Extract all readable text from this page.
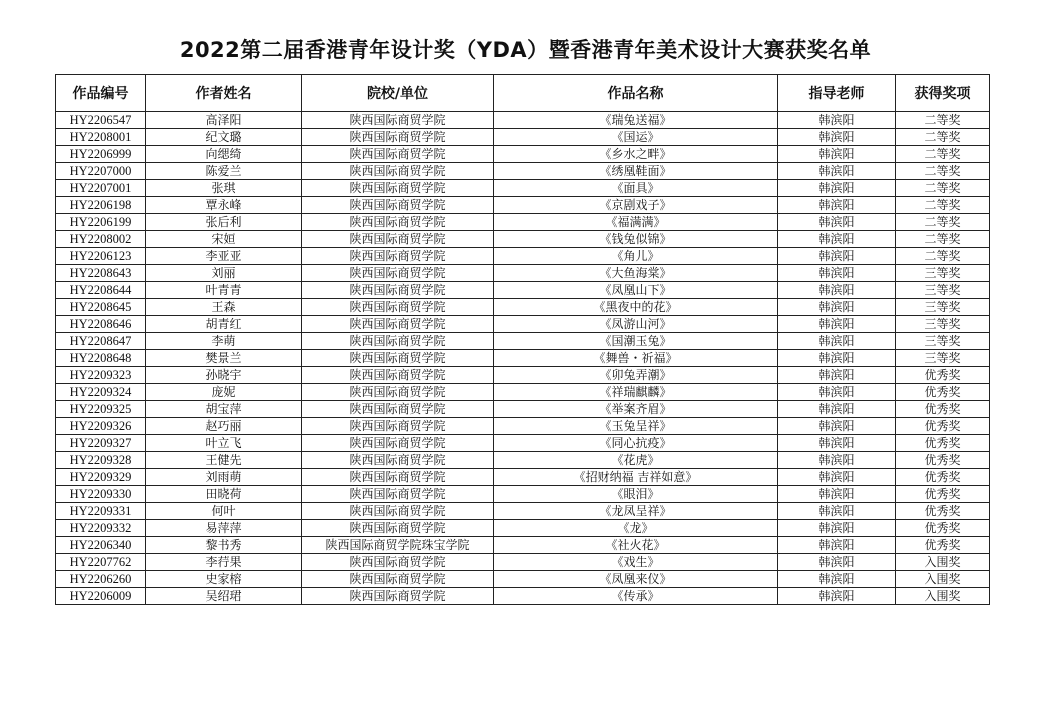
2022第二届香港青年设计奖（YDA）暨香港青年美术设计大赛获奖名单
作品编号	作者姓名	院校/单位	作品名称	指导老师	获得奖项
HY2206547	高泽阳	陕西国际商贸学院	《瑞兔送福》	韩滨阳	二等奖
HY2208001	纪文璐	陕西国际商贸学院	《国运》	韩滨阳	二等奖
HY2206999	向缌绮	陕西国际商贸学院	《乡水之畔》	韩滨阳	二等奖
HY2207000	陈爱兰	陕西国际商贸学院	《绣凰鞋面》	韩滨阳	二等奖
HY2207001	张琪	陕西国际商贸学院	《面具》	韩滨阳	二等奖
HY2206198	覃永峰	陕西国际商贸学院	《京剧戏子》	韩滨阳	二等奖
HY2206199	张后利	陕西国际商贸学院	《福满满》	韩滨阳	二等奖
HY2208002	宋姮	陕西国际商贸学院	《钱兔似锦》	韩滨阳	二等奖
HY2206123	李亚亚	陕西国际商贸学院	《角儿》	韩滨阳	二等奖
HY2208643	刘丽	陕西国际商贸学院	《大鱼海棠》	韩滨阳	三等奖
HY2208644	叶青青	陕西国际商贸学院	《凤凰山下》	韩滨阳	三等奖
HY2208645	王森	陕西国际商贸学院	《黑夜中的花》	韩滨阳	三等奖
HY2208646	胡青红	陕西国际商贸学院	《凤游山河》	韩滨阳	三等奖
HY2208647	李萌	陕西国际商贸学院	《国潮玉兔》	韩滨阳	三等奖
HY2208648	樊景兰	陕西国际商贸学院	《舞兽・祈福》	韩滨阳	三等奖
HY2209323	孙晓宇	陕西国际商贸学院	《卯兔弄潮》	韩滨阳	优秀奖
HY2209324	庞妮	陕西国际商贸学院	《祥瑞麒麟》	韩滨阳	优秀奖
HY2209325	胡宝萍	陕西国际商贸学院	《举案齐眉》	韩滨阳	优秀奖
HY2209326	赵巧丽	陕西国际商贸学院	《玉兔呈祥》	韩滨阳	优秀奖
HY2209327	叶立飞	陕西国际商贸学院	《同心抗疫》	韩滨阳	优秀奖
HY2209328	王健先	陕西国际商贸学院	《花虎》	韩滨阳	优秀奖
HY2209329	刘雨萌	陕西国际商贸学院	《招财纳福 吉祥如意》	韩滨阳	优秀奖
HY2209330	田晓荷	陕西国际商贸学院	《眼泪》	韩滨阳	优秀奖
HY2209331	何叶	陕西国际商贸学院	《龙凤呈祥》	韩滨阳	优秀奖
HY2209332	易萍萍	陕西国际商贸学院	《龙》	韩滨阳	优秀奖
HY2206340	黎书秀	陕西国际商贸学院珠宝学院	《社火花》	韩滨阳	优秀奖
HY2207762	李荇果	陕西国际商贸学院	《戏生》	韩滨阳	入围奖
HY2206260	史家榕	陕西国际商贸学院	《凤凰来仪》	韩滨阳	入围奖
HY2206009	吴绍珺	陕西国际商贸学院	《传承》	韩滨阳	入围奖
